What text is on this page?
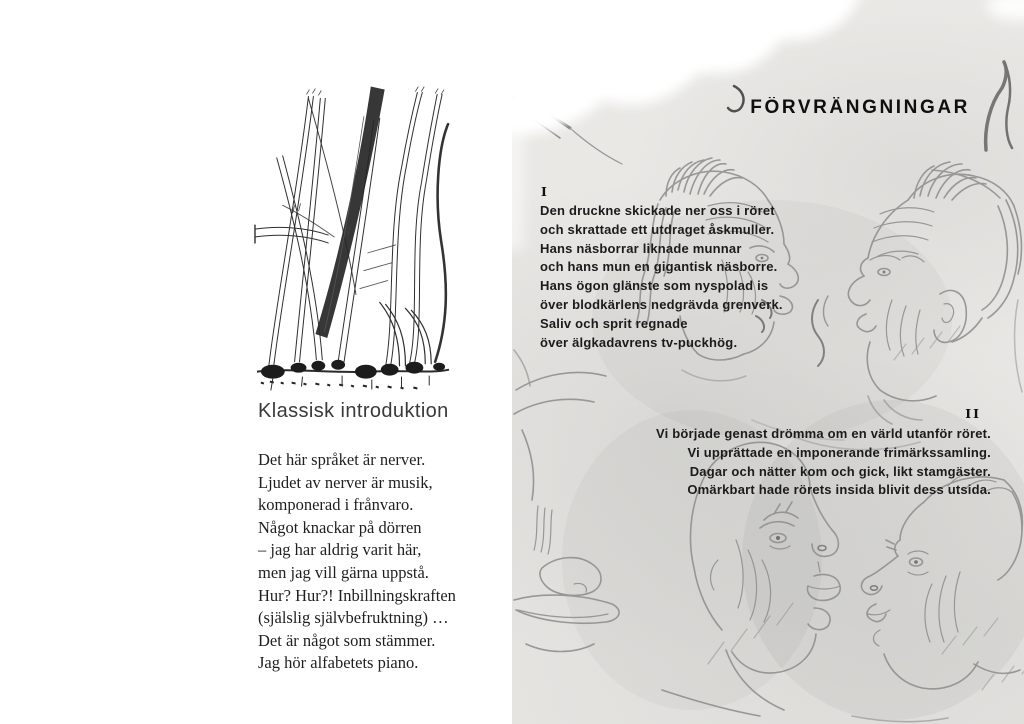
Klassisk introduktion
Det här språket är nerver.
Ljudet av nerver är musik,
komponerad i frånvaro.
Något knackar på dörren
– jag har aldrig varit här,
men jag vill gärna uppstå.
Hur? Hur?! Inbillningskraften
(själslig självbefruktning) …
Det är något som stämmer.
Jag hör alfabetets piano.
FÖRVRÄNGNINGAR
I
Den druckne skickade ner oss i röret
och skrattade ett utdraget åskmuller.
Hans näsborrar liknade munnar
och hans mun en gigantisk näsborre.
Hans ögon glänste som nyspolad is
över blodkärlens nedgrävda grenverk.
Saliv och sprit regnade
över älgkadavrens tv-puckhög.
II
Vi började genast drömma om en värld utanför röret.
Vi upprättade en imponerande frimärkssamling.
Dagar och nätter kom och gick, likt stamgäster.
Omärkbart hade rörets insida blivit dess utsida.
